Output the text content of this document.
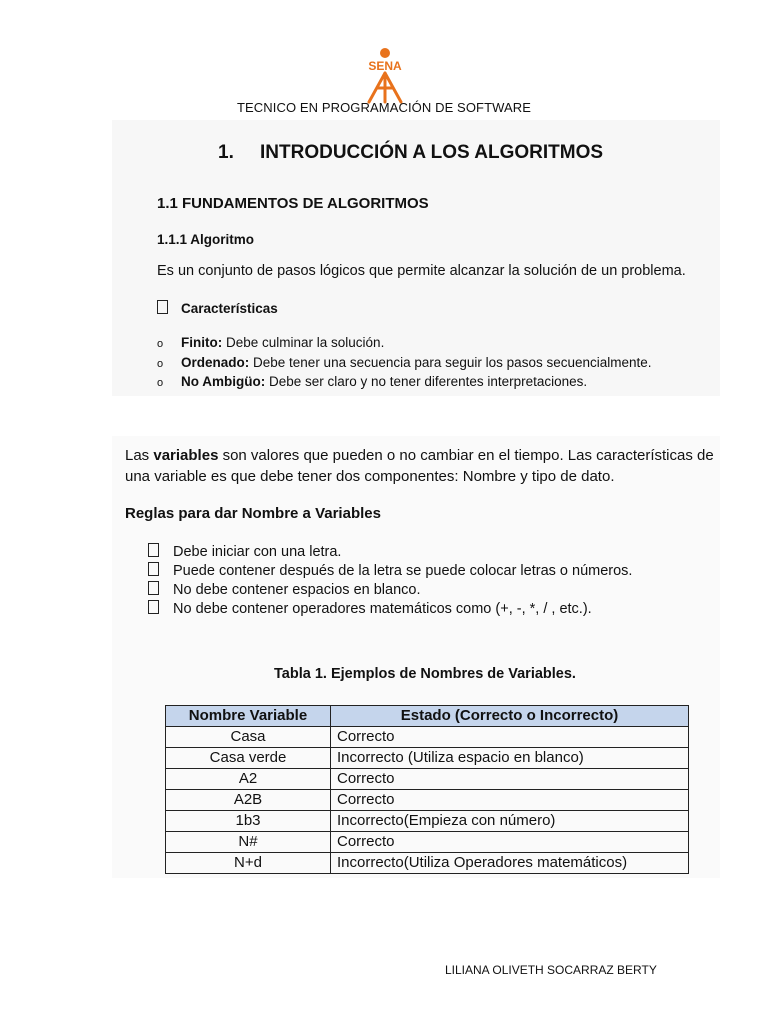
SENA
TECNICO EN PROGRAMACIÓN DE SOFTWARE
1. INTRODUCCIÓN A LOS ALGORITMOS
1.1 FUNDAMENTOS DE ALGORITMOS
1.1.1 Algoritmo
Es un conjunto de pasos lógicos que permite alcanzar la solución de un problema.
Características
o Finito: Debe culminar la solución.
o Ordenado: Debe tener una secuencia para seguir los pasos secuencialmente.
o No Ambigüo: Debe ser claro y no tener diferentes interpretaciones.
Las variables son valores que pueden o no cambiar en el tiempo. Las características de una variable es que debe tener dos componentes: Nombre y tipo de dato.
Reglas para dar Nombre a Variables
Debe iniciar con una letra.
Puede contener después de la letra se puede colocar letras o números.
No debe contener espacios en blanco.
No debe contener operadores matemáticos como (+, -, *, / , etc.).
Tabla 1. Ejemplos de Nombres de Variables.
Nombre Variable	Estado (Correcto o Incorrecto)
Casa	Correcto
Casa verde	Incorrecto (Utiliza espacio en blanco)
A2	Correcto
A2B	Correcto
1b3	Incorrecto(Empieza con número)
N#	Correcto
N+d	Incorrecto(Utiliza Operadores matemáticos)
LILIANA OLIVETH SOCARRAZ BERTY
